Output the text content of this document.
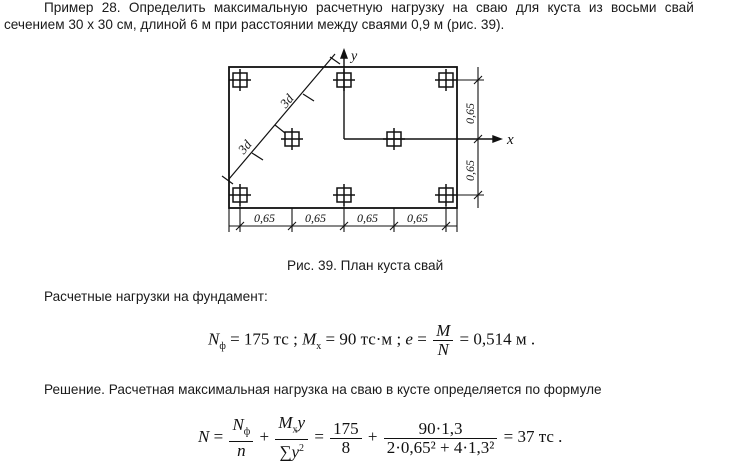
Пример 28. Определить максимальную расчетную нагрузку на сваю для куста из восьми свай
сечением 30 х 30 см, длиной 6 м при расстоянии между сваями 0,9 м (рис. 39).
y
x
3d
3d
0,65	0,65	0,65 0,65
0,65
0,65
Рис. 39. План куста свай
Расчетные нагрузки на фундамент:
$N_ф = 175$ тс ; $M_x = 90$ тс·м ; $e = \frac{M}{N} = 0,514$ м .
Решение. Расчетная максимальная нагрузка на сваю в кусте определяется по формуле
$N = \frac{N_ф}{n} + \frac{M_xy}{\sum y^2} = \frac{175}{8} + \frac{90\cdot 1,3}{\text{2·0,65² + 4·1,3²}} = 37$ тс .
